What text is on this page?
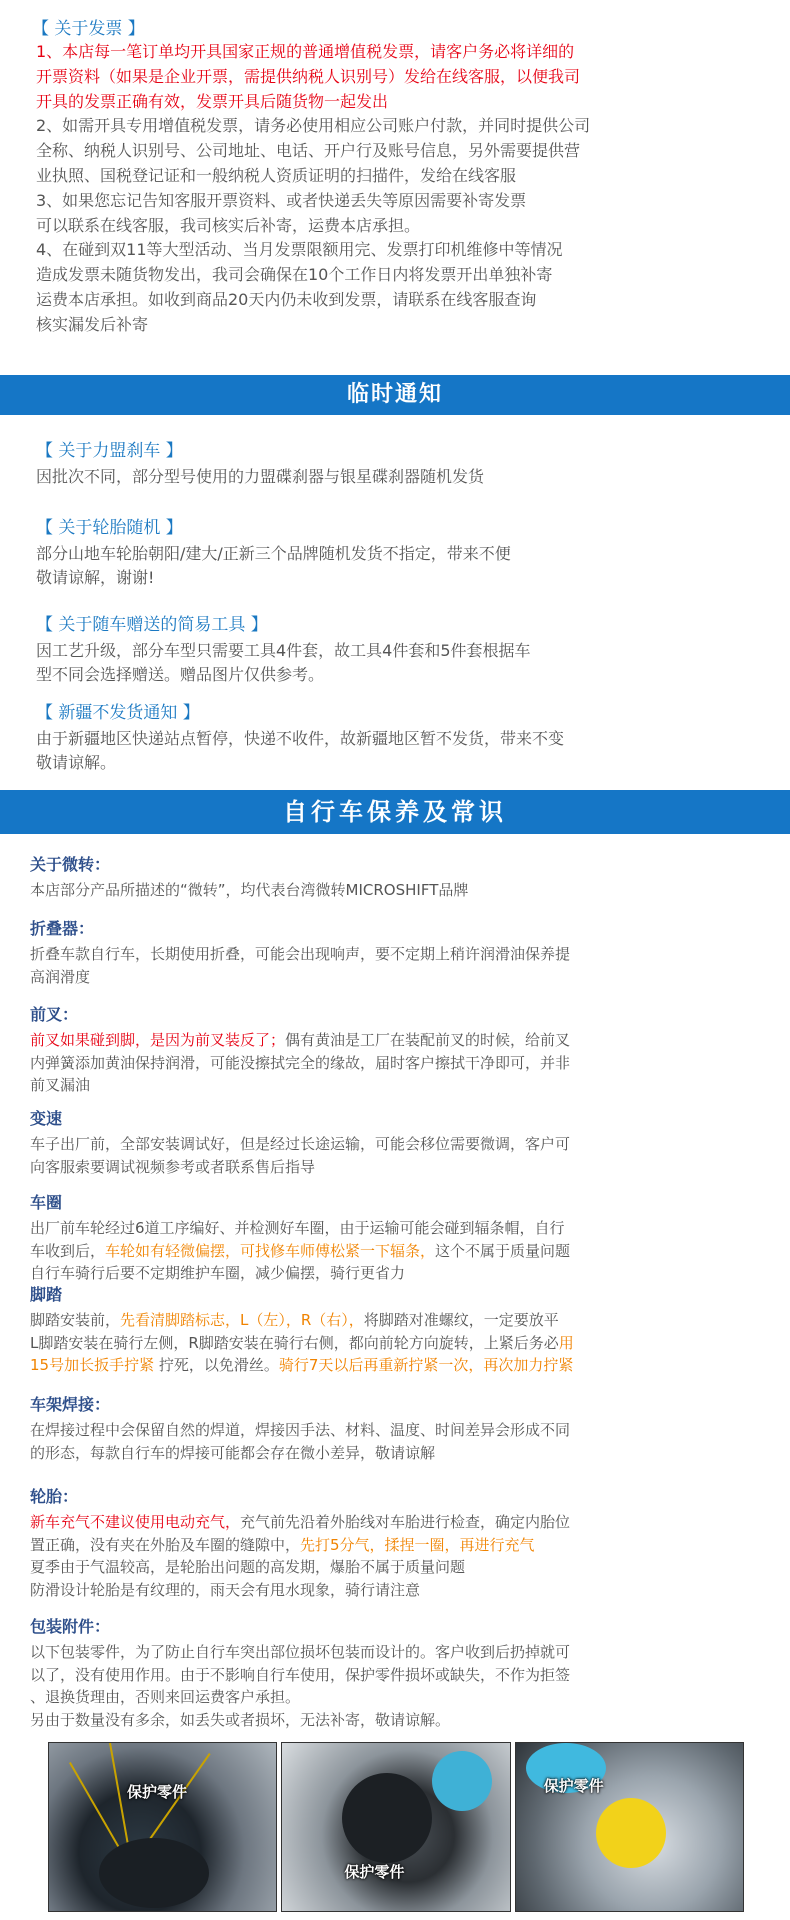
【 关于发票 】

1、本店每一笔订单均开具国家正规的普通增值税发票，请客户务必将详细的

开票资料（如果是企业开票，需提供纳税人识别号）发给在线客服，以便我司

开具的发票正确有效，发票开具后随货物一起发出

2、如需开具专用增值税发票，请务必使用相应公司账户付款，并同时提供公司

全称、纳税人识别号、公司地址、电话、开户行及账号信息，另外需要提供营

业执照、国税登记证和一般纳税人资质证明的扫描件，发给在线客服

3、如果您忘记告知客服开票资料、或者快递丢失等原因需要补寄发票

可以联系在线客服，我司核实后补寄，运费本店承担。

4、在碰到双11等大型活动、当月发票限额用完、发票打印机维修中等情况

造成发票未随货物发出，我司会确保在10个工作日内将发票开出单独补寄

运费本店承担。如收到商品20天内仍未收到发票，请联系在线客服查询

核实漏发后补寄

临时通知
【 关于力盟刹车 】
因批次不同，部分型号使用的力盟碟刹器与银星碟刹器随机发货
【 关于轮胎随机 】
部分山地车轮胎朝阳/建大/正新三个品牌随机发货不指定，带来不便
敬请谅解，谢谢!
【 关于随车赠送的简易工具 】
因工艺升级，部分车型只需要工具4件套，故工具4件套和5件套根据车
型不同会选择赠送。赠品图片仅供参考。
【 新疆不发货通知 】
由于新疆地区快递站点暂停，快递不收件，故新疆地区暂不发货，带来不变
敬请谅解。
自行车保养及常识
关于微转：

本店部分产品所描述的“微转”，均代表台湾微转MICROSHIFT品牌

折叠器：

折叠车款自行车，长期使用折叠，可能会出现响声，要不定期上稍许润滑油保养提

高润滑度

前叉：

前叉如果碰到脚，是因为前叉装反了；偶有黄油是工厂在装配前叉的时候，给前叉

内弹簧添加黄油保持润滑，可能没擦拭完全的缘故，届时客户擦拭干净即可，并非

前叉漏油

变速

车子出厂前，全部安装调试好，但是经过长途运输，可能会移位需要微调，客户可

向客服索要调试视频参考或者联系售后指导

车圈

出厂前车轮经过6道工序编好、并检测好车圈，由于运输可能会碰到辐条帽，自行

车收到后，车轮如有轻微偏摆，可找修车师傅松紧一下辐条，这个不属于质量问题

自行车骑行后要不定期维护车圈，减少偏摆，骑行更省力

脚踏

脚踏安装前，先看清脚踏标志，L（左），R（右），将脚踏对准螺纹，一定要放平

L脚踏安装在骑行左侧，R脚踏安装在骑行右侧，都向前轮方向旋转，上紧后务必用

15号加长扳手拧紧 拧死，以免滑丝。骑行7天以后再重新拧紧一次，再次加力拧紧

车架焊接：

在焊接过程中会保留自然的焊道，焊接因手法、材料、温度、时间差异会形成不同

的形态，每款自行车的焊接可能都会存在微小差异，敬请谅解

轮胎：

新车充气不建议使用电动充气，充气前先沿着外胎线对车胎进行检查，确定内胎位

置正确，没有夹在外胎及车圈的缝隙中，先打5分气，揉捏一圈，再进行充气

夏季由于气温较高，是轮胎出问题的高发期，爆胎不属于质量问题

防滑设计轮胎是有纹理的，雨天会有甩水现象，骑行请注意

包装附件：

以下包装零件，为了防止自行车突出部位损坏包装而设计的。客户收到后扔掉就可

以了，没有使用作用。由于不影响自行车使用，保护零件损坏或缺失，不作为拒签

、退换货理由，否则来回运费客户承担。

另由于数量没有多余，如丢失或者损坏，无法补寄，敬请谅解。

保护零件
保护零件
保护零件
